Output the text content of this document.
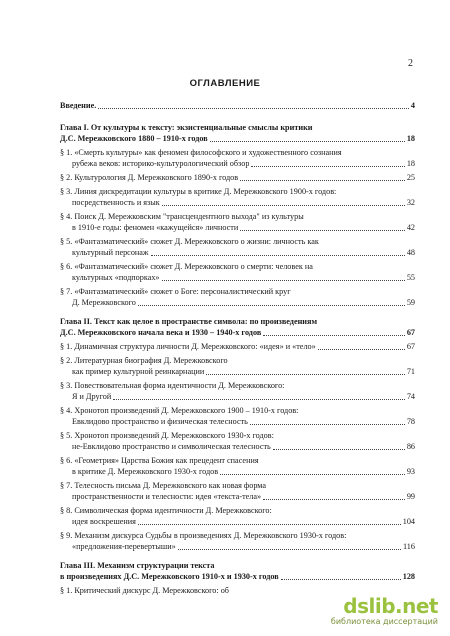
2
ОГЛАВЛЕНИЕ
Введение.	4
Глава I. От культуры к тексту: экзистенциальные смыслы критики
Д.С. Мережковского 1880 – 1910-х годов	18
§ 1. «Смерть культуры» как феномен философского и художественного сознания
рубежа веков: историко-культурологический обзор	18
§ 2. Культурология Д. Мережковского 1890-х годов	25
§ 3. Линия дискредитации культуры в критике Д. Мережковского 1900-х годов:
посредственность и язык	32
§ 4. Поиск Д. Мережковским "трансцендентного выхода" из культуры
в 1910-е годы: феномен «кажущейся» личности	42
§ 5. «Фантазматический» сюжет Д. Мережковского о жизни: личность как
культурный персонаж	48
§ 6. «Фантазматический» сюжет Д. Мережковского о смерти: человек на
культурных «подпорках»	55
§ 7. «Фантазматический» сюжет о Боге: персоналистический круг
Д. Мережковского	59
Глава II. Текст как целое в пространстве символа: по произведениям
Д.С. Мережковского начала века и 1930 – 1940-х годов	67
§ 1. Динамичная структура личности Д. Мережковского: «идея» и «тело»	67
§ 2. Литературная биография Д. Мережковского
как пример культурной реинкарнации	71
§ 3. Повествовательная форма идентичности Д. Мережковского:
Я и Другой	74
§ 4. Хронотоп произведений Д. Мережковского 1900 – 1910-х годов:
Евклидово пространство и физическая телесность	78
§ 5. Хронотоп произведений Д. Мережковского 1930-х годов:
не-Евклидово пространство и символическая телесность	86
§ 6. «Геометрия» Царства Божия как прецедент спасения
в критике Д. Мережковского 1930-х годов	93
§ 7. Телесность письма Д. Мережковского как новая форма
пространственности и телесности: идея «текста-тела»	99
§ 8. Символическая форма идентичности Д. Мережковского:
идея воскрешения	104
§ 9. Механизм дискурса Судьбы в произведениях Д. Мережковского 1930-х годов:
«предложения-перевертыши»	116
Глава III. Механизм структурации текста
в произведениях Д.С. Мережковского 1910-х и 1930-х годов	128
§ 1. Критический дискурс Д. Мережковского: об
dslib.net
библиотека диссертаций
